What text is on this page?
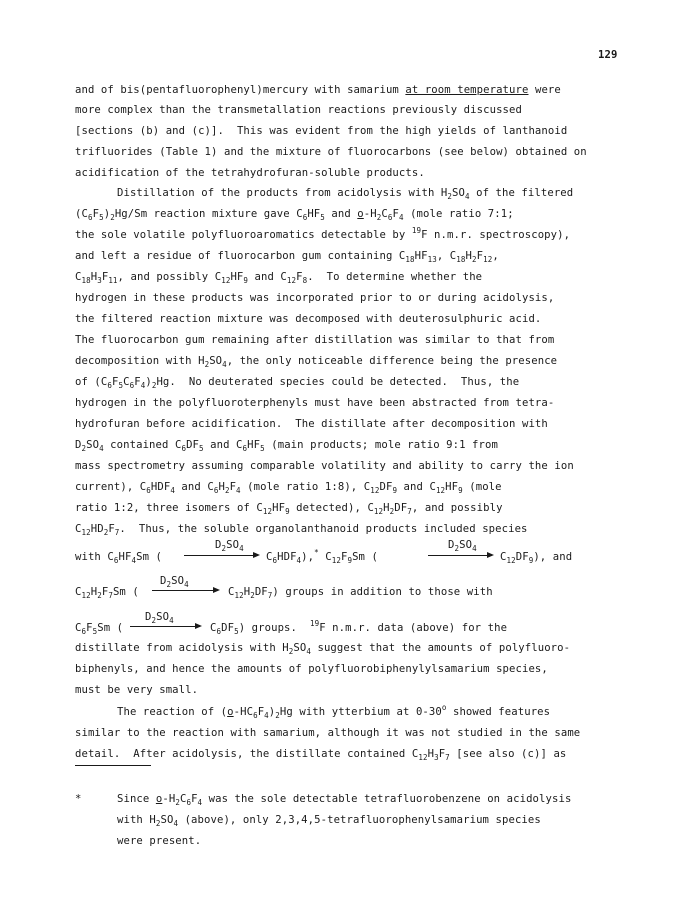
129
and of bis(pentafluorophenyl)mercury with samarium at room temperature were
more complex than the transmetallation reactions previously discussed
[sections (b) and (c)].  This was evident from the high yields of lanthanoid
trifluorides (Table 1) and the mixture of fluorocarbons (see below) obtained on
acidification of the tetrahydrofuran-soluble products.
Distillation of the products from acidolysis with $H_2SO_4$ of the filtered
$(C_6F_5)_2Hg/Sm$ reaction mixture gave $C_6HF_5$ and $o-H_2C_6F_4$ (mole ratio 7:1;
the sole volatile polyfluoroaromatics detectable by $^{19}$F n.m.r. spectroscopy),
and left a residue of fluorocarbon gum containing $C_{18}HF_{13}$, $C_{18}H_2F_{12}$,
$C_{18}H_3F_{11}$, and possibly $C_{12}HF_9$ and $C_{12}F_8$.  To determine whether the
hydrogen in these products was incorporated prior to or during acidolysis,
the filtered reaction mixture was decomposed with deuterosulphuric acid.
The fluorocarbon gum remaining after distillation was similar to that from
decomposition with $H_2SO_4$, the only noticeable difference being the presence
of $(C_6F_5C_6F_4)_2Hg$.  No deuterated species could be detected.  Thus, the
hydrogen in the polyfluoroterphenyls must have been abstracted from tetra-
hydrofuran before acidification.  The distillate after decomposition with
$D_2SO_4$ contained $C_6DF_5$ and $C_6HF_5$ (main products; mole ratio 9:1 from
mass spectrometry assuming comparable volatility and ability to carry the ion
current), $C_6HDF_4$ and $C_6H_2F_4$ (mole ratio 1:8), $C_{12}DF_9$ and $C_{12}HF_9$ (mole
ratio 1:2, three isomers of $C_{12}HF_9$ detected), $C_{12}H_2DF_7$, and possibly
$C_{12}HD_2F_7$.  Thus, the soluble organolanthanoid products included species
$D_2SO_4$
with $C_6HF_4Sm$ (	$C_6HDF_4),^*$ $C_{12}F_9Sm$ (
$D_2SO_4$
$C_{12}DF_9$), and
$D_2SO_4$
$C_{12}H_2F_7Sm$ (	$C_{12}H_2DF_7$) groups in addition to those with
$D_2SO_4$
$C_6F_5Sm$ (	$C_6DF_5$) groups.  $^{19}$F n.m.r. data (above) for the
distillate from acidolysis with $H_2SO_4$ suggest that the amounts of polyfluoro-
biphenyls, and hence the amounts of polyfluorobiphenylylsamarium species,
must be very small.
The reaction of $(o-HC_6F_4)_2Hg$ with ytterbium at 0-30$^o$ showed features
similar to the reaction with samarium, although it was not studied in the same
detail.  After acidolysis, the distillate contained $C_{12}H_3F_7$ [see also (c)] as
*	Since $o-H_2C_6F_4$ was the sole detectable tetrafluorobenzene on acidolysis
with $H_2SO_4$ (above), only 2,3,4,5-tetrafluorophenylsamarium species
were present.
